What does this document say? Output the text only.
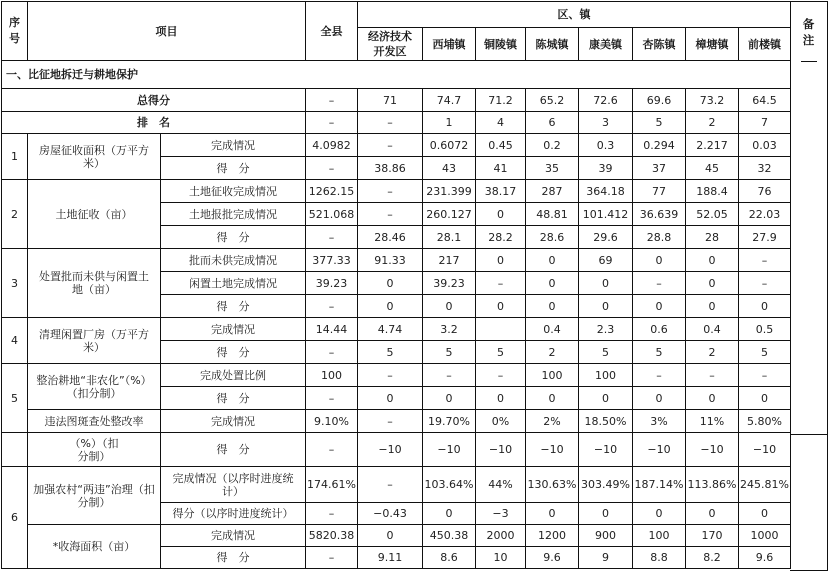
序号	项目		全县	区、镇							
				经济技术开发区	西埔镇	铜陵镇	陈城镇	康美镇	杏陈镇	樟塘镇	前楼镇
一、比征地拆迁与耕地保护											
总得分			–	71	74.7	71.2	65.2	72.6	69.6	73.2	64.5
排　名			–	–	1	4	6	3	5	2	7
1	房屋征收面积（万平方米）	完成情况	4.0982	–	0.6072	0.45	0.2	0.3	0.294	2.217	0.03
		得　分	–	38.86	43	41	35	39	37	45	32
2	土地征收（亩）	土地征收完成情况	1262.15	–	231.399	38.17	287	364.18	77	188.4	76
		土地报批完成情况	521.068	–	260.127	0	48.81	101.412	36.639	52.05	22.03
		得　分	–	28.46	28.1	28.2	28.6	29.6	28.8	28	27.9
3	处置批而未供与闲置土地（亩）	批而未供完成情况	377.33	91.33	217	0	0	69	0	0	–
		闲置土地完成情况	39.23	0	39.23	–	0	0	–	0	–
		得　分	–	0	0	0	0	0	0	0	0
4	清理闲置厂房（万平方米）	完成情况	14.44	4.74	3.2		0.4	2.3	0.6	0.4	0.5
		得　分	–	5	5	5	2	5	5	2	5
5	整治耕地“非农化”（%）（扣分制）	完成处置比例	100	–	–	–	100	100	–	–	–
		得　分	–	0	0	0	0	0	0	0	0
	违法图斑查处整改率	完成情况	9.10%	–	19.70%	0%	2%	18.50%	3%	11%	5.80%
	（%）（扣分制）	得　分	–	−10	−10	−10	−10	−10	−10	−10	−10
6	加强农村“两违”治理（扣分制）	完成情况（以序时进度统计）	174.61%	–	103.64%	44%	130.63%	303.49%	187.14%	113.86%	245.81%
		得分（以序时进度统计）	–	−0.43	0	−3	0	0	0	0	0
	*收海面积（亩）	完成情况	5820.38	0	450.38	2000	1200	900	100	170	1000
		得　分	–	9.11	8.6	10	9.6	9	8.8	8.2	9.6
备注
